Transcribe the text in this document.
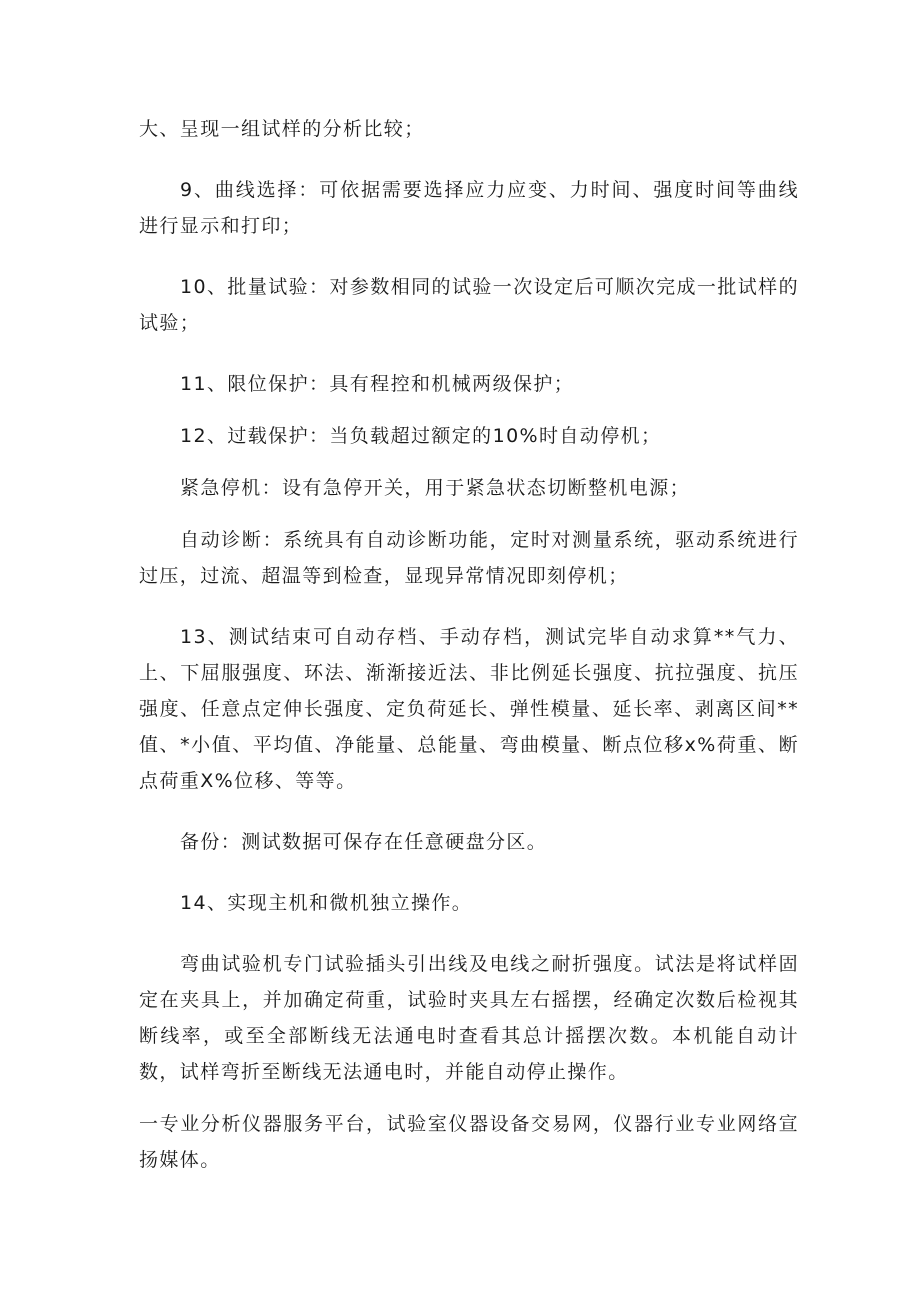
大、呈现一组试样的分析比较；

9、曲线选择：可依据需要选择应力应变、力时间、强度时间等曲线进行显示和打印；

10、批量试验：对参数相同的试验一次设定后可顺次完成一批试样的试验；

11、限位保护：具有程控和机械两级保护；

12、过载保护：当负载超过额定的10%时自动停机；

紧急停机：设有急停开关，用于紧急状态切断整机电源；

自动诊断：系统具有自动诊断功能，定时对测量系统，驱动系统进行过压，过流、超温等到检查，显现异常情况即刻停机；

13、测试结束可自动存档、手动存档，测试完毕自动求算**气力、上、下屈服强度、环法、渐渐接近法、非比例延长强度、抗拉强度、抗压强度、任意点定伸长强度、定负荷延长、弹性模量、延长率、剥离区间**值、*小值、平均值、净能量、总能量、弯曲模量、断点位移x%荷重、断点荷重X%位移、等等。

备份：测试数据可保存在任意硬盘分区。

14、实现主机和微机独立操作。

弯曲试验机专门试验插头引出线及电线之耐折强度。试法是将试样固定在夹具上，并加确定荷重，试验时夹具左右摇摆，经确定次数后检视其断线率，或至全部断线无法通电时查看其总计摇摆次数。本机能自动计数，试样弯折至断线无法通电时，并能自动停止操作。

一专业分析仪器服务平台，试验室仪器设备交易网，仪器行业专业网络宣扬媒体。
